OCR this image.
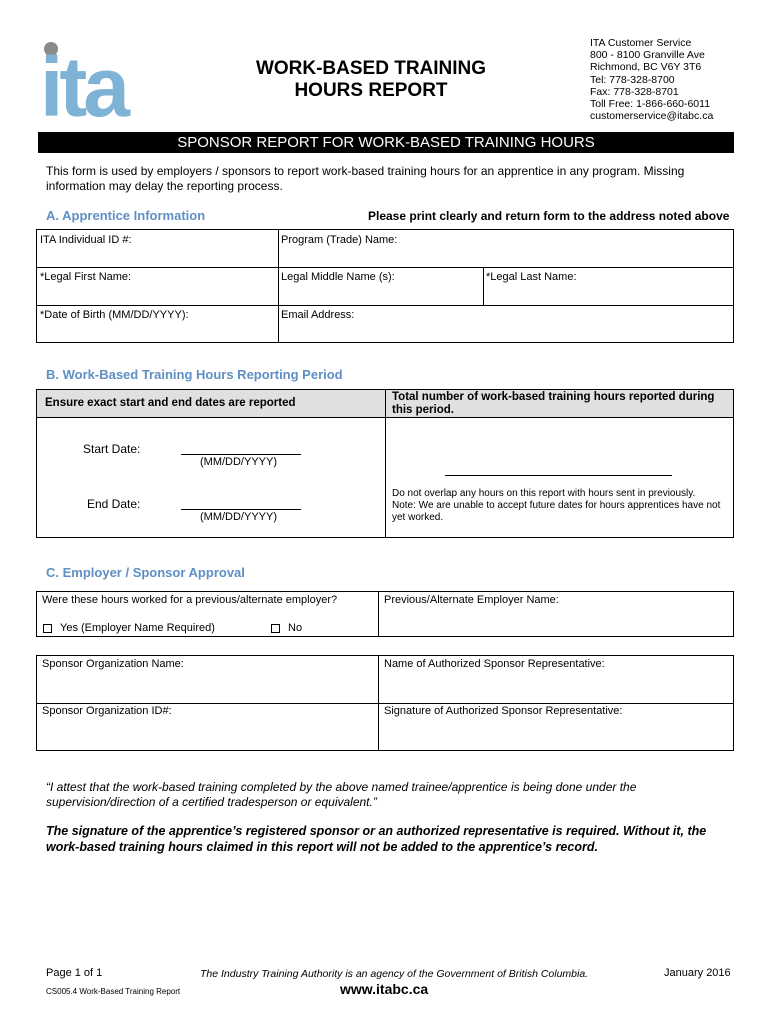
ita	WORK-BASED TRAINING
HOURS REPORT
ITA Customer Service
800 - 8100 Granville Ave
Richmond, BC V6Y 3T6
Tel: 778-328-8700
Fax: 778-328-8701
Toll Free: 1-866-660-6011
customerservice@itabc.ca
SPONSOR REPORT FOR WORK-BASED TRAINING HOURS
This form is used by employers / sponsors to report work-based training hours for an apprentice in any program. Missing information may delay the reporting process.
A. Apprentice Information	Please print clearly and return form to the address noted above
ITA Individual ID #:	Program (Trade) Name:
*Legal First Name:	Legal Middle Name (s):	*Legal Last Name:
*Date of Birth (MM/DD/YYYY):	Email Address:
B. Work-Based Training Hours Reporting Period
Ensure exact start and end dates are reported	Total number of work-based training hours reported during this period.
Start Date:
(MM/DD/YYYY)
End Date:
(MM/DD/YYYY)
Do not overlap any hours on this report with hours sent in previously.
Note: We are unable to accept future dates for hours apprentices have not yet worked.
C. Employer / Sponsor Approval
Were these hours worked for a previous/alternate employer?
Yes (Employer Name Required)	No
Previous/Alternate Employer Name:
Sponsor Organization Name:	Name of Authorized Sponsor Representative:
Sponsor Organization ID#:	Signature of Authorized Sponsor Representative:
“I attest that the work-based training completed by the above named trainee/apprentice is being done under the supervision/direction of a certified tradesperson or equivalent.”
The signature of the apprentice’s registered sponsor or an authorized representative is required. Without it, the work-based training hours claimed in this report will not be added to the apprentice’s record.
Page 1 of 1
CS005.4 Work-Based Training Report
The Industry Training Authority is an agency of the Government of British Columbia.
www.itabc.ca
January 2016
